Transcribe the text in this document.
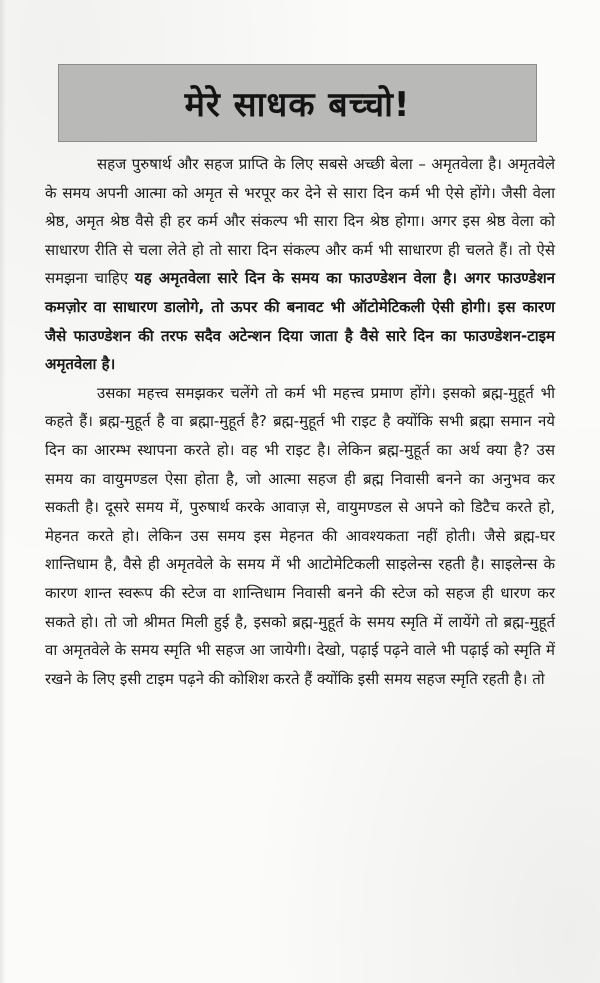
मेरे साधक बच्चो!

सहज पुरुषार्थ और सहज प्राप्ति के लिए सबसे अच्छी बेला – अमृतवेला है। अमृतवेले के समय अपनी आत्मा को अमृत से भरपूर कर देने से सारा दिन कर्म भी ऐसे होंगे। जैसी वेला श्रेष्ठ, अमृत श्रेष्ठ वैसे ही हर कर्म और संकल्प भी सारा दिन श्रेष्ठ होगा। अगर इस श्रेष्ठ वेला को साधारण रीति से चला लेते हो तो सारा दिन संकल्प और कर्म भी साधारण ही चलते हैं। तो ऐसे समझना चाहिए यह अमृतवेला सारे दिन के समय का फाउण्डेशन वेला है। अगर फाउण्डेशन कमज़ोर वा साधारण डालोगे, तो ऊपर की बनावट भी ऑटोमेटिकली ऐसी होगी। इस कारण जैसे फाउण्डेशन की तरफ सदैव अटेन्शन दिया जाता है वैसे सारे दिन का फाउण्डेशन-टाइम अमृतवेला है।

उसका महत्त्व समझकर चलेंगे तो कर्म भी महत्त्व प्रमाण होंगे। इसको ब्रह्म-मुहूर्त भी कहते हैं। ब्रह्म-मुहूर्त है वा ब्रह्मा-मुहूर्त है? ब्रह्म-मुहूर्त भी राइट है क्योंकि सभी ब्रह्मा समान नये दिन का आरम्भ स्थापना करते हो। वह भी राइट है। लेकिन ब्रह्म-मुहूर्त का अर्थ क्या है? उस समय का वायुमण्डल ऐसा होता है, जो आत्मा सहज ही ब्रह्म निवासी बनने का अनुभव कर सकती है। दूसरे समय में, पुरुषार्थ करके आवाज़ से, वायुमण्डल से अपने को डिटैच करते हो, मेहनत करते हो। लेकिन उस समय इस मेहनत की आवश्यकता नहीं होती। जैसे ब्रह्म-घर शान्तिधाम है, वैसे ही अमृतवेले के समय में भी आटोमेटिकली साइलेन्स रहती है। साइलेन्स के कारण शान्त स्वरूप की स्टेज वा शान्तिधाम निवासी बनने की स्टेज को सहज ही धारण कर सकते हो। तो जो श्रीमत मिली हुई है, इसको ब्रह्म-मुहूर्त के समय स्मृति में लायेंगे तो ब्रह्म-मुहूर्त वा अमृतवेले के समय स्मृति भी सहज आ जायेगी। देखो, पढ़ाई पढ़ने वाले भी पढ़ाई को स्मृति में रखने के लिए इसी टाइम पढ़ने की कोशिश करते हैं क्योंकि इसी समय सहज स्मृति रहती है। तो
